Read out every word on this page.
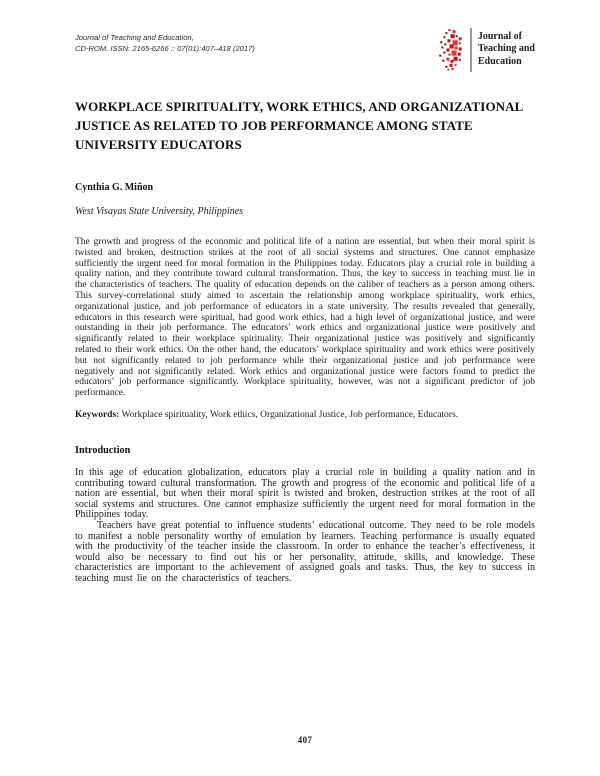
Journal of Teaching and Education,
CD-ROM. ISSN: 2165-6266 :: 07(01):407–418 (2017)
Journal of
Teaching and
Education
WORKPLACE SPIRITUALITY, WORK ETHICS, AND ORGANIZATIONAL JUSTICE AS RELATED TO JOB PERFORMANCE AMONG STATE UNIVERSITY EDUCATORS
Cynthia G. Miñon
West Visayas State University, Philippines

The growth and progress of the economic and political life of a nation are essential, but when their moral spirit is twisted and broken, destruction strikes at the root of all social systems and structures. One cannot emphasize sufficiently the urgent need for moral formation in the Philippines today. Educators play a crucial role in building a quality nation, and they contribute toward cultural transformation. Thus, the key to success in teaching must lie in the characteristics of teachers. The quality of education depends on the caliber of teachers as a person among others. This survey-correlational study aimed to ascertain the relationship among workplace spirituality, work ethics, organizational justice, and job performance of educators in a state university. The results revealed that generally, educators in this research were spiritual, had good work ethics, had a high level of organizational justice, and were outstanding in their job performance. The educators’ work ethics and organizational justice were positively and significantly related to their workplace spirituality. Their organizational justice was positively and significantly related to their work ethics. On the other hand, the educators’ workplace spirituality and work ethics were positively but not significantly related to job performance while their organizational justice and job performance were negatively and not significantly related. Work ethics and organizational justice were factors found to predict the educators’ job performance significantly. Workplace spirituality, however, was not a significant predictor of job performance.

Keywords: Workplace spirituality, Work ethics, Organizational Justice, Job performance, Educators.

Introduction

In this age of education globalization, educators play a crucial role in building a quality nation and in contributing toward cultural transformation. The growth and progress of the economic and political life of a nation are essential, but when their moral spirit is twisted and broken, destruction strikes at the root of all social systems and structures. One cannot emphasize sufficiently the urgent need for moral formation in the Philippines today.

Teachers have great potential to influence students’ educational outcome. They need to be role models to manifest a noble personality worthy of emulation by learners. Teaching performance is usually equated with the productivity of the teacher inside the classroom. In order to enhance the teacher’s effectiveness, it would also be necessary to find out his or her personality, attitude, skills, and knowledge. These characteristics are important to the achievement of assigned goals and tasks. Thus, the key to success in teaching must lie on the characteristics of teachers.

407
